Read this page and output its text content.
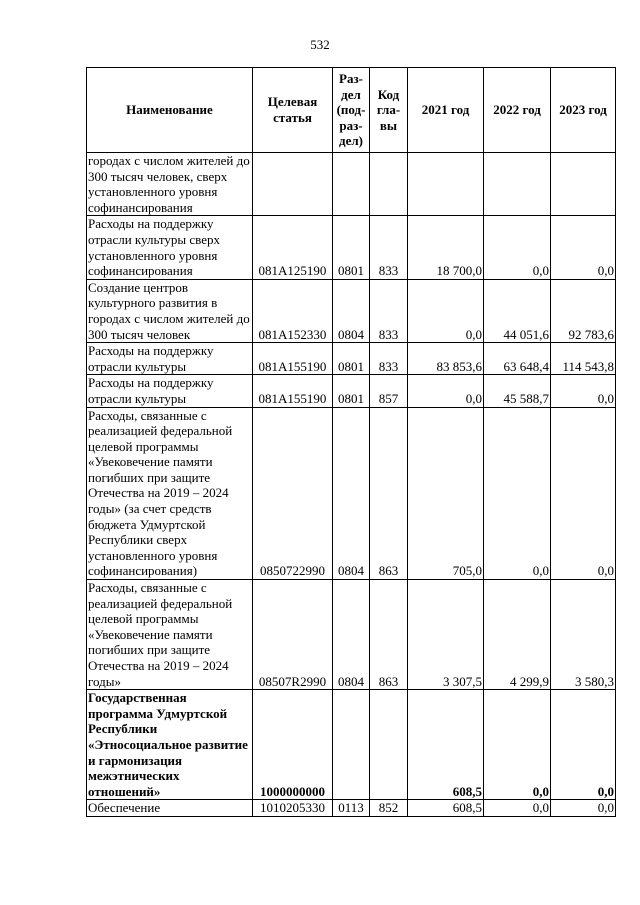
532
Наименование	Целевая статья	Раз-дел (под-раз-дел)	Код гла-вы	2021 год	2022 год	2023 год
городах с числом жителей до 300 тысяч человек, сверх установленного уровня софинансирования						
Расходы на поддержку отрасли культуры сверх установленного уровня софинансирования	081A125190	0801	833	18 700,0	0,0	0,0
Создание центров культурного развития в городах с числом жителей до 300 тысяч человек	081A152330	0804	833	0,0	44 051,6	92 783,6
Расходы на поддержку отрасли культуры	081A155190	0801	833	83 853,6	63 648,4	114 543,8
Расходы на поддержку отрасли культуры	081A155190	0801	857	0,0	45 588,7	0,0
Расходы, связанные с реализацией федеральной целевой программы «Увековечение памяти погибших при защите Отечества на 2019 – 2024 годы» (за счет средств бюджета Удмуртской Республики сверх установленного уровня софинансирования)	0850722990	0804	863	705,0	0,0	0,0
Расходы, связанные с реализацией федеральной целевой программы «Увековечение памяти погибших при защите Отечества на 2019 – 2024 годы»	08507R2990	0804	863	3 307,5	4 299,9	3 580,3
Государственная программа Удмуртской Республики «Этносоциальное развитие и гармонизация межэтнических отношений»	1000000000			608,5	0,0	0,0
Обеспечение	1010205330	0113	852	608,5	0,0	0,0
